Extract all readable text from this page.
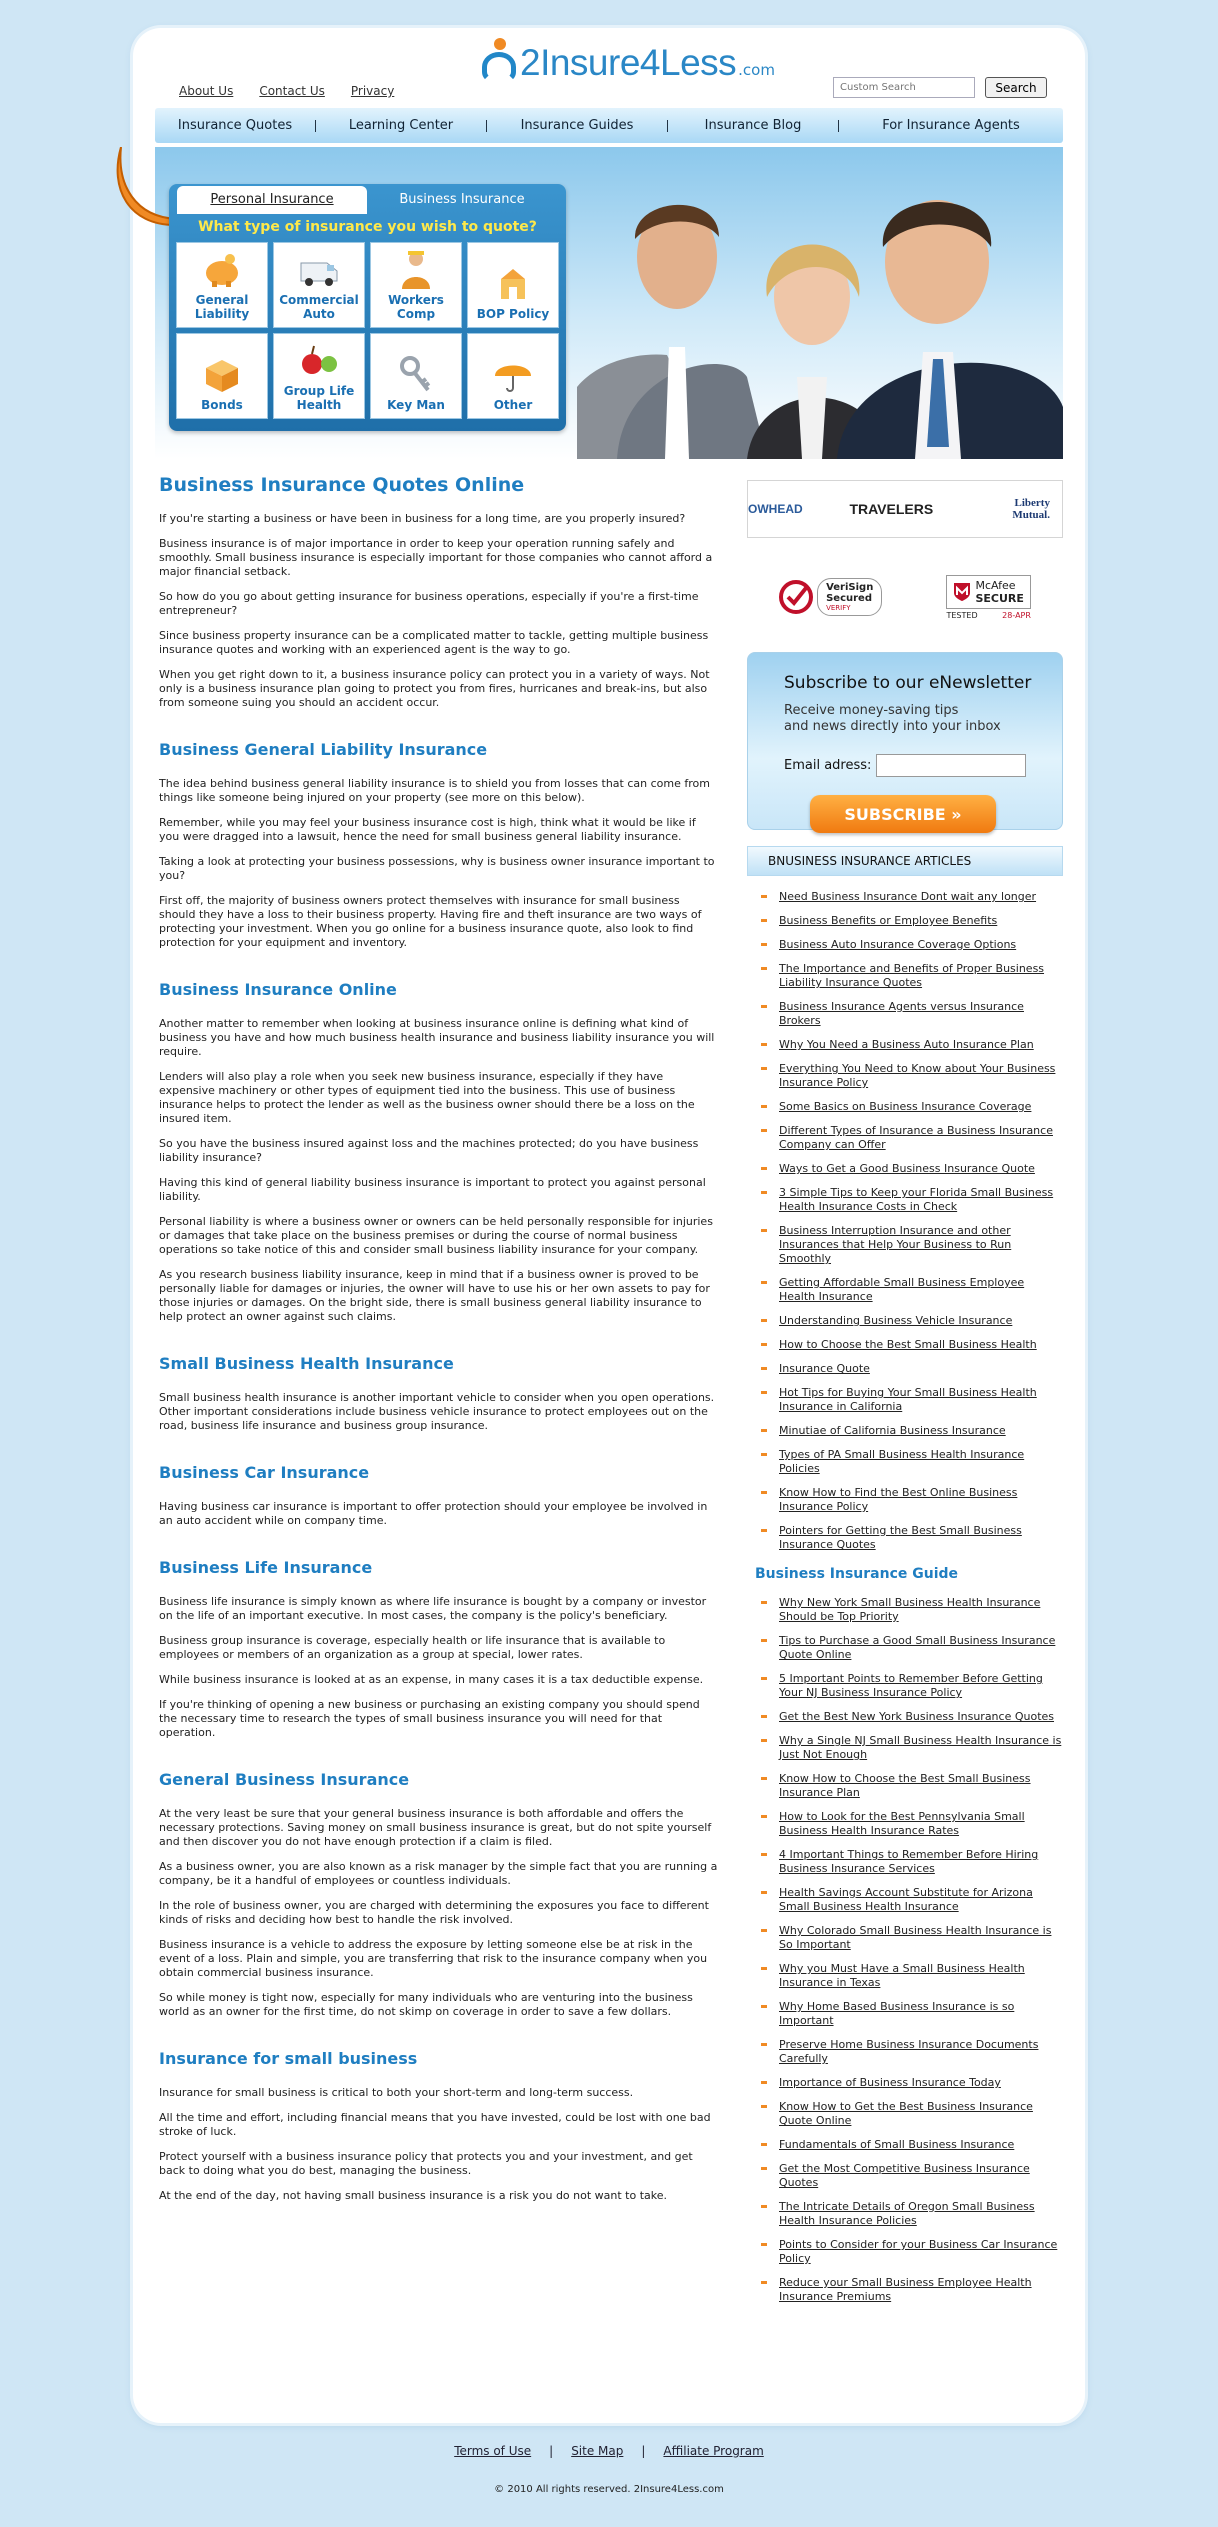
About Us Contact Us Privacy
2Insure4Less .com
Custom Search
Search
Insurance Quotes	Learning Center	Insurance Guides	Insurance Blog	For Insurance Agents
Personal Insurance	Business Insurance
What type of insurance you wish to quote?
General Liability
Commercial Auto
Workers Comp	BOP Policy
Bonds
Group Life Health	Key Man	Other
Business Insurance Quotes Online

If you're starting a business or have been in business for a long time, are you properly insured?

Business insurance is of major importance in order to keep your operation running safely and smoothly. Small business insurance is especially important for those companies who cannot afford a major financial setback.

So how do you go about getting insurance for business operations, especially if you're a first-time entrepreneur?

Since business property insurance can be a complicated matter to tackle, getting multiple business insurance quotes and working with an experienced agent is the way to go.

When you get right down to it, a business insurance policy can protect you in a variety of ways. Not only is a business insurance plan going to protect you from fires, hurricanes and break-ins, but also from someone suing you should an accident occur.

Business General Liability Insurance

The idea behind business general liability insurance is to shield you from losses that can come from things like someone being injured on your property (see more on this below).

Remember, while you may feel your business insurance cost is high, think what it would be like if you were dragged into a lawsuit, hence the need for small business general liability insurance.

Taking a look at protecting your business possessions, why is business owner insurance important to you?

First off, the majority of business owners protect themselves with insurance for small business should they have a loss to their business property. Having fire and theft insurance are two ways of protecting your investment. When you go online for a business insurance quote, also look to find protection for your equipment and inventory.

Business Insurance Online

Another matter to remember when looking at business insurance online is defining what kind of business you have and how much business health insurance and business liability insurance you will require.

Lenders will also play a role when you seek new business insurance, especially if they have expensive machinery or other types of equipment tied into the business. This use of business insurance helps to protect the lender as well as the business owner should there be a loss on the insured item.

So you have the business insured against loss and the machines protected; do you have business liability insurance?

Having this kind of general liability business insurance is important to protect you against personal liability.

Personal liability is where a business owner or owners can be held personally responsible for injuries or damages that take place on the business premises or during the course of normal business operations so take notice of this and consider small business liability insurance for your company.

As you research business liability insurance, keep in mind that if a business owner is proved to be personally liable for damages or injuries, the owner will have to use his or her own assets to pay for those injuries or damages. On the bright side, there is small business general liability insurance to help protect an owner against such claims.

Small Business Health Insurance

Small business health insurance is another important vehicle to consider when you open operations. Other important considerations include business vehicle insurance to protect employees out on the road, business life insurance and business group insurance.

Business Car Insurance

Having business car insurance is important to offer protection should your employee be involved in an auto accident while on company time.

Business Life Insurance

Business life insurance is simply known as where life insurance is bought by a company or investor on the life of an important executive. In most cases, the company is the policy's beneficiary.

Business group insurance is coverage, especially health or life insurance that is available to employees or members of an organization as a group at special, lower rates.

While business insurance is looked at as an expense, in many cases it is a tax deductible expense.

If you're thinking of opening a new business or purchasing an existing company you should spend the necessary time to research the types of small business insurance you will need for that operation.

General Business Insurance

At the very least be sure that your general business insurance is both affordable and offers the necessary protections. Saving money on small business insurance is great, but do not spite yourself and then discover you do not have enough protection if a claim is filed.

As a business owner, you are also known as a risk manager by the simple fact that you are running a company, be it a handful of employees or countless individuals.

In the role of business owner, you are charged with determining the exposures you face to different kinds of risks and deciding how best to handle the risk involved.

Business insurance is a vehicle to address the exposure by letting someone else be at risk in the event of a loss. Plain and simple, you are transferring that risk to the insurance company when you obtain commercial business insurance.

So while money is tight now, especially for many individuals who are venturing into the business world as an owner for the first time, do not skimp on coverage in order to save a few dollars.

Insurance for small business

Insurance for small business is critical to both your short-term and long-term success.

All the time and effort, including financial means that you have invested, could be lost with one bad stroke of luck.

Protect yourself with a business insurance policy that protects you and your investment, and get back to doing what you do best, managing the business.

At the end of the day, not having small business insurance is a risk you do not want to take.

OWHEAD	TRAVELERS	Liberty Mutual.
VeriSign
Secured
VERIFY
McAfee
SECURE
TESTED	28-APR
Subscribe to our eNewsletter
Receive money-saving tips
and news directly into your inbox
Email adress:
SUBSCRIBE »
BNUSINESS INSURANCE ARTICLES
Need Business Insurance Dont wait any longer
Business Benefits or Employee Benefits
Business Auto Insurance Coverage Options
The Importance and Benefits of Proper Business Liability Insurance Quotes
Business Insurance Agents versus Insurance Brokers
Why You Need a Business Auto Insurance Plan
Everything You Need to Know about Your Business Insurance Policy
Some Basics on Business Insurance Coverage
Different Types of Insurance a Business Insurance Company can Offer
Ways to Get a Good Business Insurance Quote
3 Simple Tips to Keep your Florida Small Business Health Insurance Costs in Check
Business Interruption Insurance and other Insurances that Help Your Business to Run Smoothly
Getting Affordable Small Business Employee Health Insurance
Understanding Business Vehicle Insurance
How to Choose the Best Small Business Health
Insurance Quote
Hot Tips for Buying Your Small Business Health Insurance in California
Minutiae of California Business Insurance
Types of PA Small Business Health Insurance Policies
Know How to Find the Best Online Business Insurance Policy
Pointers for Getting the Best Small Business Insurance Quotes
Business Insurance Guide
Why New York Small Business Health Insurance Should be Top Priority
Tips to Purchase a Good Small Business Insurance Quote Online
5 Important Points to Remember Before Getting Your NJ Business Insurance Policy
Get the Best New York Business Insurance Quotes
Why a Single NJ Small Business Health Insurance is Just Not Enough
Know How to Choose the Best Small Business Insurance Plan
How to Look for the Best Pennsylvania Small Business Health Insurance Rates
4 Important Things to Remember Before Hiring Business Insurance Services
Health Savings Account Substitute for Arizona Small Business Health Insurance
Why Colorado Small Business Health Insurance is So Important
Why you Must Have a Small Business Health Insurance in Texas
Why Home Based Business Insurance is so Important
Preserve Home Business Insurance Documents Carefully
Importance of Business Insurance Today
Know How to Get the Best Business Insurance Quote Online
Fundamentals of Small Business Insurance
Get the Most Competitive Business Insurance Quotes
The Intricate Details of Oregon Small Business Health Insurance Policies
Points to Consider for your Business Car Insurance Policy
Reduce your Small Business Employee Health Insurance Premiums
Terms of Use | Site Map | Affiliate Program
© 2010 All rights reserved. 2Insure4Less.com
